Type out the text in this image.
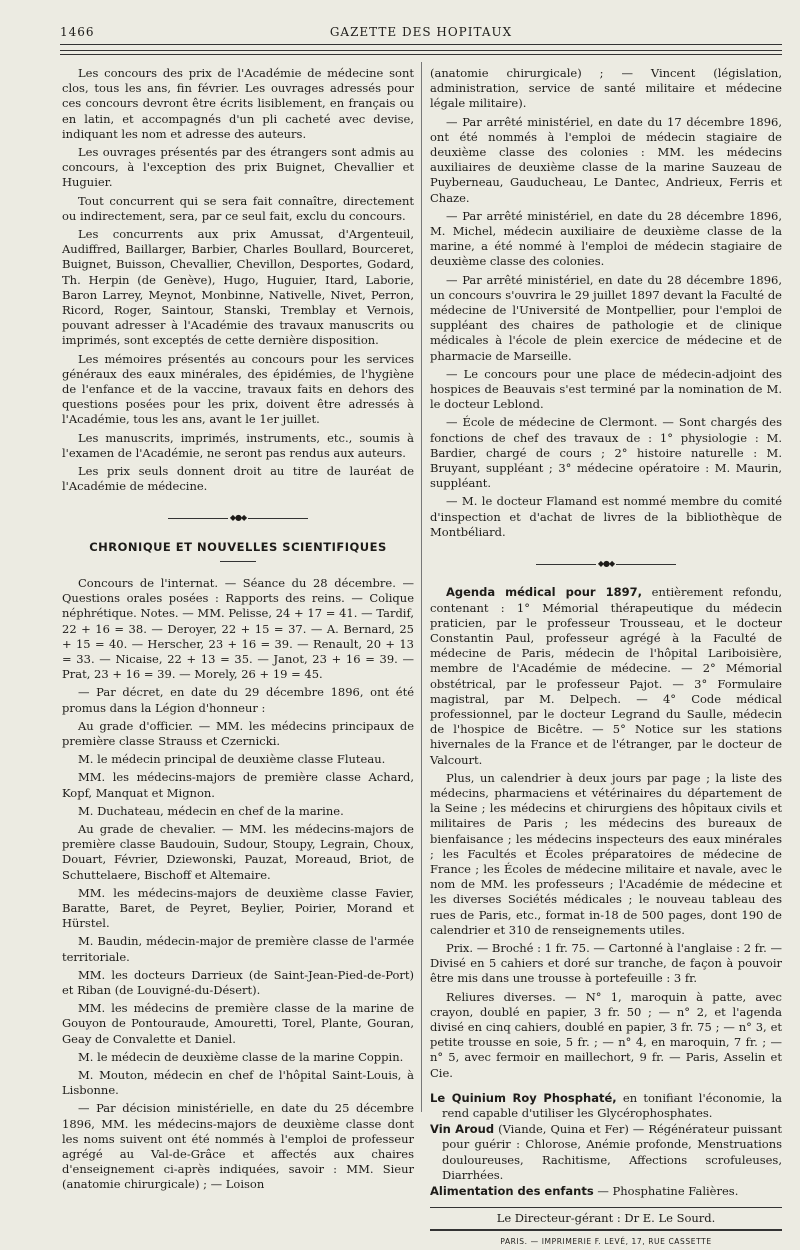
1466	GAZETTE DES HOPITAUX

Les concours des prix de l'Académie de médecine sont clos, tous les ans, fin février. Les ouvrages adressés pour ces concours devront être écrits lisiblement, en français ou en latin, et accompagnés d'un pli cacheté avec devise, indiquant les nom et adresse des auteurs.

Les ouvrages présentés par des étrangers sont admis au concours, à l'exception des prix Buignet, Chevallier et Huguier.

Tout concurrent qui se sera fait connaître, directement ou indirectement, sera, par ce seul fait, exclu du concours.

Les concurrents aux prix Amussat, d'Argenteuil, Audiffred, Baillarger, Barbier, Charles Boullard, Bourceret, Buignet, Buisson, Chevallier, Chevillon, Desportes, Godard, Th. Herpin (de Genève), Hugo, Huguier, Itard, Laborie, Baron Larrey, Meynot, Monbinne, Nativelle, Nivet, Perron, Ricord, Roger, Saintour, Stanski, Tremblay et Vernois, pouvant adresser à l'Académie des travaux manuscrits ou imprimés, sont exceptés de cette dernière disposition.

Les mémoires présentés au concours pour les services généraux des eaux minérales, des épidémies, de l'hygiène de l'enfance et de la vaccine, travaux faits en dehors des questions posées pour les prix, doivent être adressés à l'Académie, tous les ans, avant le 1er juillet.

Les manuscrits, imprimés, instruments, etc., soumis à l'examen de l'Académie, ne seront pas rendus aux auteurs.

Les prix seuls donnent droit au titre de lauréat de l'Académie de médecine.

◆●◆
CHRONIQUE ET NOUVELLES SCIENTIFIQUES

Concours de l'internat. — Séance du 28 décembre. — Questions orales posées : Rapports des reins. — Colique néphrétique. Notes. — MM. Pelisse, 24 + 17 = 41. — Tardif, 22 + 16 = 38. — Deroyer, 22 + 15 = 37. — A. Bernard, 25 + 15 = 40. — Herscher, 23 + 16 = 39. — Renault, 20 + 13 = 33. — Nicaise, 22 + 13 = 35. — Janot, 23 + 16 = 39. — Prat, 23 + 16 = 39. — Morely, 26 + 19 = 45.

— Par décret, en date du 29 décembre 1896, ont été promus dans la Légion d'honneur :

Au grade d'officier. — MM. les médecins principaux de première classe Strauss et Czernicki.

M. le médecin principal de deuxième classe Fluteau.

MM. les médecins-majors de première classe Achard, Kopf, Manquat et Mignon.

M. Duchateau, médecin en chef de la marine.

Au grade de chevalier. — MM. les médecins-majors de première classe Baudouin, Sudour, Stoupy, Legrain, Choux, Douart, Février, Dziewonski, Pauzat, Moreaud, Briot, de Schuttelaere, Bischoff et Altemaire.

MM. les médecins-majors de deuxième classe Favier, Baratte, Baret, de Peyret, Beylier, Poirier, Morand et Hürstel.

M. Baudin, médecin-major de première classe de l'armée territoriale.

MM. les docteurs Darrieux (de Saint-Jean-Pied-de-Port) et Riban (de Louvigné-du-Désert).

MM. les médecins de première classe de la marine de Gouyon de Pontouraude, Amouretti, Torel, Plante, Gouran, Geay de Convalette et Daniel.

M. le médecin de deuxième classe de la marine Coppin.

M. Mouton, médecin en chef de l'hôpital Saint-Louis, à Lisbonne.

— Par décision ministérielle, en date du 25 décembre 1896, MM. les médecins-majors de deuxième classe dont les noms suivent ont été nommés à l'emploi de professeur agrégé au Val-de-Grâce et affectés aux chaires d'enseignement ci-après indiquées, savoir : MM. Sieur (anatomie chirurgicale) ; — Loison

(anatomie chirurgicale) ; — Vincent (législation, administration, service de santé militaire et médecine légale militaire).

— Par arrêté ministériel, en date du 17 décembre 1896, ont été nommés à l'emploi de médecin stagiaire de deuxième classe des colonies : MM. les médecins auxiliaires de deuxième classe de la marine Sauzeau de Puyberneau, Gauducheau, Le Dantec, Andrieux, Ferris et Chaze.

— Par arrêté ministériel, en date du 28 décembre 1896, M. Michel, médecin auxiliaire de deuxième classe de la marine, a été nommé à l'emploi de médecin stagiaire de deuxième classe des colonies.

— Par arrêté ministériel, en date du 28 décembre 1896, un concours s'ouvrira le 29 juillet 1897 devant la Faculté de médecine de l'Université de Montpellier, pour l'emploi de suppléant des chaires de pathologie et de clinique médicales à l'école de plein exercice de médecine et de pharmacie de Marseille.

— Le concours pour une place de médecin-adjoint des hospices de Beauvais s'est terminé par la nomination de M. le docteur Leblond.

— École de médecine de Clermont. — Sont chargés des fonctions de chef des travaux de : 1° physiologie : M. Bardier, chargé de cours ; 2° histoire naturelle : M. Bruyant, suppléant ; 3° médecine opératoire : M. Maurin, suppléant.

— M. le docteur Flamand est nommé membre du comité d'inspection et d'achat de livres de la bibliothèque de Montbéliard.

◆●◆

Agenda médical pour 1897, entièrement refondu, contenant : 1° Mémorial thérapeutique du médecin praticien, par le professeur Trousseau, et le docteur Constantin Paul, professeur agrégé à la Faculté de médecine de Paris, médecin de l'hôpital Lariboisière, membre de l'Académie de médecine. — 2° Mémorial obstétrical, par le professeur Pajot. — 3° Formulaire magistral, par M. Delpech. — 4° Code médical professionnel, par le docteur Legrand du Saulle, médecin de l'hospice de Bicêtre. — 5° Notice sur les stations hivernales de la France et de l'étranger, par le docteur de Valcourt.

Plus, un calendrier à deux jours par page ; la liste des médecins, pharmaciens et vétérinaires du département de la Seine ; les médecins et chirurgiens des hôpitaux civils et militaires de Paris ; les médecins des bureaux de bienfaisance ; les médecins inspecteurs des eaux minérales ; les Facultés et Écoles préparatoires de médecine de France ; les Écoles de médecine militaire et navale, avec le nom de MM. les professeurs ; l'Académie de médecine et les diverses Sociétés médicales ; le nouveau tableau des rues de Paris, etc., format in-18 de 500 pages, dont 190 de calendrier et 310 de renseignements utiles.

Prix. — Broché : 1 fr. 75. — Cartonné à l'anglaise : 2 fr. — Divisé en 5 cahiers et doré sur tranche, de façon à pouvoir être mis dans une trousse à portefeuille : 3 fr.

Reliures diverses. — N° 1, maroquin à patte, avec crayon, doublé en papier, 3 fr. 50 ; — n° 2, et l'agenda divisé en cinq cahiers, doublé en papier, 3 fr. 75 ; — n° 3, et petite trousse en soie, 5 fr. ; — n° 4, en maroquin, 7 fr. ; — n° 5, avec fermoir en maillechort, 9 fr. — Paris, Asselin et Cie.

Le Quinium Roy Phosphaté, en tonifiant l'économie, la rend capable d'utiliser les Glycérophosphates.

Vin Aroud (Viande, Quina et Fer) — Régénérateur puissant pour guérir : Chlorose, Anémie profonde, Menstruations douloureuses, Rachitisme, Affections scrofuleuses, Diarrhées.

Alimentation des enfants — Phosphatine Falières.

Le Directeur-gérant : Dr E. Le Sourd.
PARIS. — IMPRIMERIE F. LEVÉ, 17, RUE CASSETTE
